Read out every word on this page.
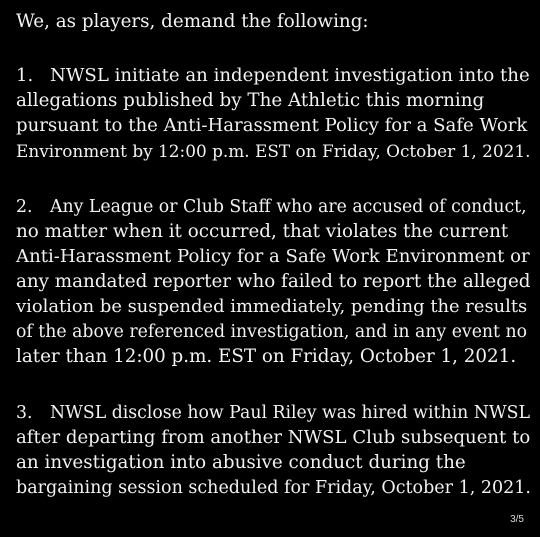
We, as players, demand the following:
1. NWSL initiate an independent investigation into the
allegations published by The Athletic this morning
pursuant to the Anti-Harassment Policy for a Safe Work
Environment by 12:00 p.m. EST on Friday, October 1, 2021.
2. Any League or Club Staff who are accused of conduct,
no matter when it occurred, that violates the current
Anti-Harassment Policy for a Safe Work Environment or
any mandated reporter who failed to report the alleged
violation be suspended immediately, pending the results
of the above referenced investigation, and in any event no
later than 12:00 p.m. EST on Friday, October 1, 2021.
3. NWSL disclose how Paul Riley was hired within NWSL
after departing from another NWSL Club subsequent to
an investigation into abusive conduct during the
bargaining session scheduled for Friday, October 1, 2021.
3/5
